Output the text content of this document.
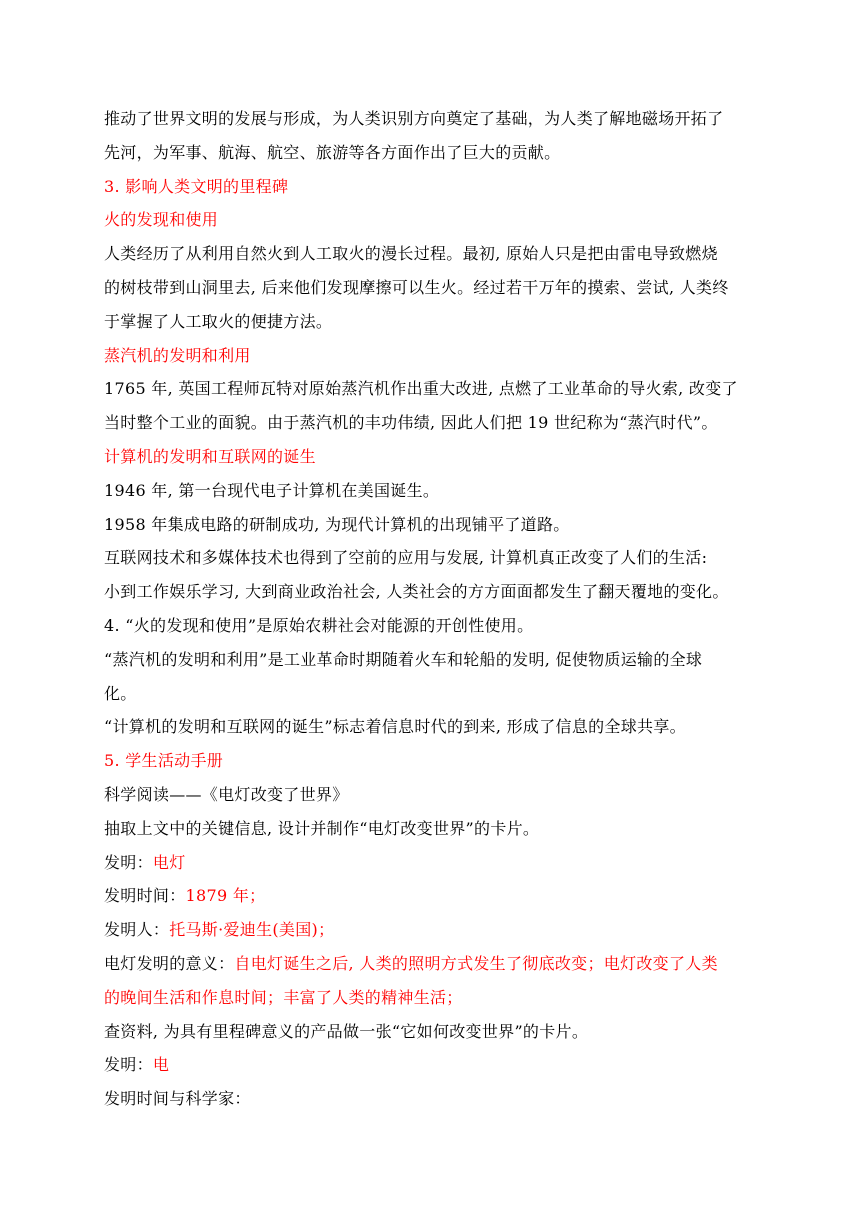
推动了世界文明的发展与形成，为人类识别方向奠定了基础，为人类了解地磁场开拓了
先河，为军事、航海、航空、旅游等各方面作出了巨大的贡献。
3. 影响人类文明的里程碑
火的发现和使用
人类经历了从利用自然火到人工取火的漫长过程。最初, 原始人只是把由雷电导致燃烧
的树枝带到山洞里去, 后来他们发现摩擦可以生火。经过若干万年的摸索、尝试, 人类终
于掌握了人工取火的便捷方法。
蒸汽机的发明和利用
1765 年, 英国工程师瓦特对原始蒸汽机作出重大改进, 点燃了工业革命的导火索, 改变了
当时整个工业的面貌。由于蒸汽机的丰功伟绩, 因此人们把 19 世纪称为“蒸汽时代”。
计算机的发明和互联网的诞生
1946 年, 第一台现代电子计算机在美国诞生。
1958 年集成电路的研制成功, 为现代计算机的出现铺平了道路。
互联网技术和多媒体技术也得到了空前的应用与发展, 计算机真正改变了人们的生活:
小到工作娱乐学习, 大到商业政治社会, 人类社会的方方面面都发生了翻天覆地的变化。
4. “火的发现和使用”是原始农耕社会对能源的开创性使用。
“蒸汽机的发明和利用”是工业革命时期随着火车和轮船的发明, 促使物质运输的全球
化。
“计算机的发明和互联网的诞生”标志着信息时代的到来, 形成了信息的全球共享。
5. 学生活动手册
科学阅读——《电灯改变了世界》
抽取上文中的关键信息, 设计并制作“电灯改变世界”的卡片。
发明：电灯
发明时间：1879 年；
发明人：托马斯·爱迪生(美国)；
电灯发明的意义：自电灯诞生之后, 人类的照明方式发生了彻底改变；电灯改变了人类
的晚间生活和作息时间；丰富了人类的精神生活；
查资料, 为具有里程碑意义的产品做一张“它如何改变世界”的卡片。
发明：电
发明时间与科学家：
